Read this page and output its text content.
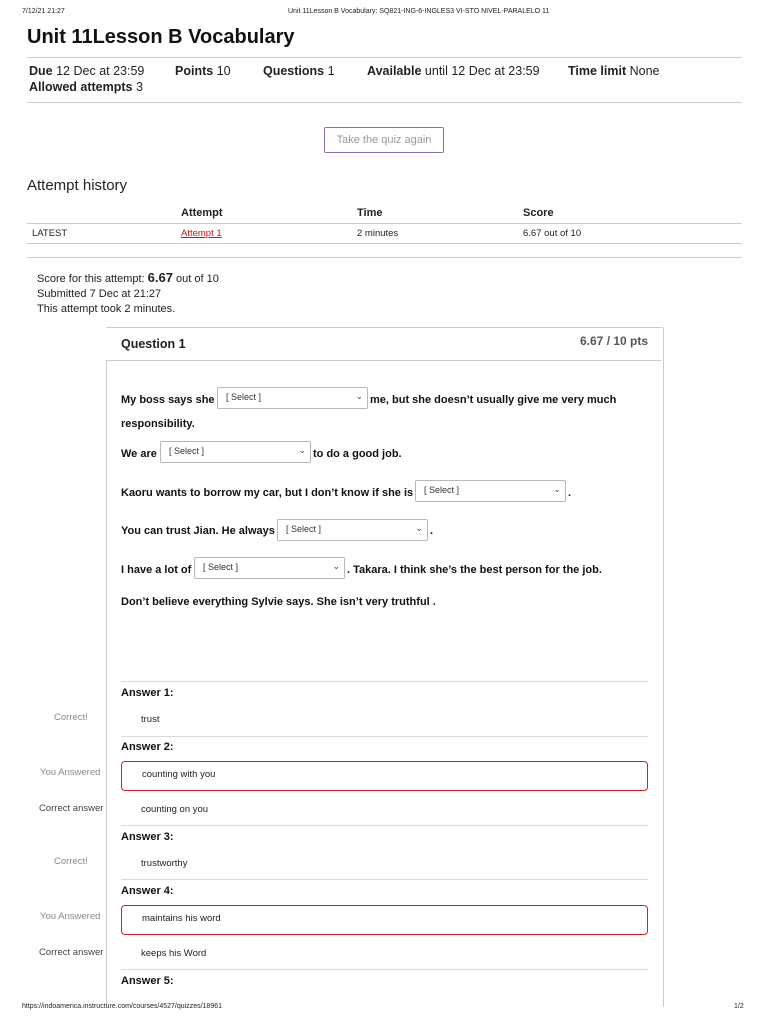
7/12/21 21:27	Unit 11Lesson B Vocabulary: SQ821-ING-6-INGLES3 VI-STO NIVEL-PARALELO 11
Unit 11Lesson B Vocabulary
Due 12 Dec at 23:59 Points 10	Questions 1	Available until 12 Dec at 23:59 Time limit None
Allowed attempts 3
Take the quiz again
Attempt history
Attempt	Time	Score
LATEST	Attempt 1	2 minutes	6.67 out of 10
Score for this attempt: 6.67 out of 10
Submitted 7 Dec at 21:27
This attempt took 2 minutes.
Question 1	6.67 / 10 pts
My boss says she	[ Select ]	⌄ me, but she doesn’t usually give me very much
responsibility.
We are	[ Select ]	⌄ to do a good job.
Kaoru wants to borrow my car, but I don’t know if she is	[ Select ]	⌄ .
You can trust Jian. He always	[ Select ]	⌄ .
I have a lot of	[ Select ]	⌄ . Takara. I think she’s the best person for the job.
Don’t believe everything Sylvie says. She isn’t very truthful .
Answer 1:
Correct!	trust
Answer 2:
You Answered	counting with you
Correct answer	counting on you
Answer 3:
Correct!	trustworthy
Answer 4:
You Answered	maintains his word
Correct answer	keeps his Word
Answer 5:
https://indoamerica.instructure.com/courses/4527/quizzes/18961	1/2
